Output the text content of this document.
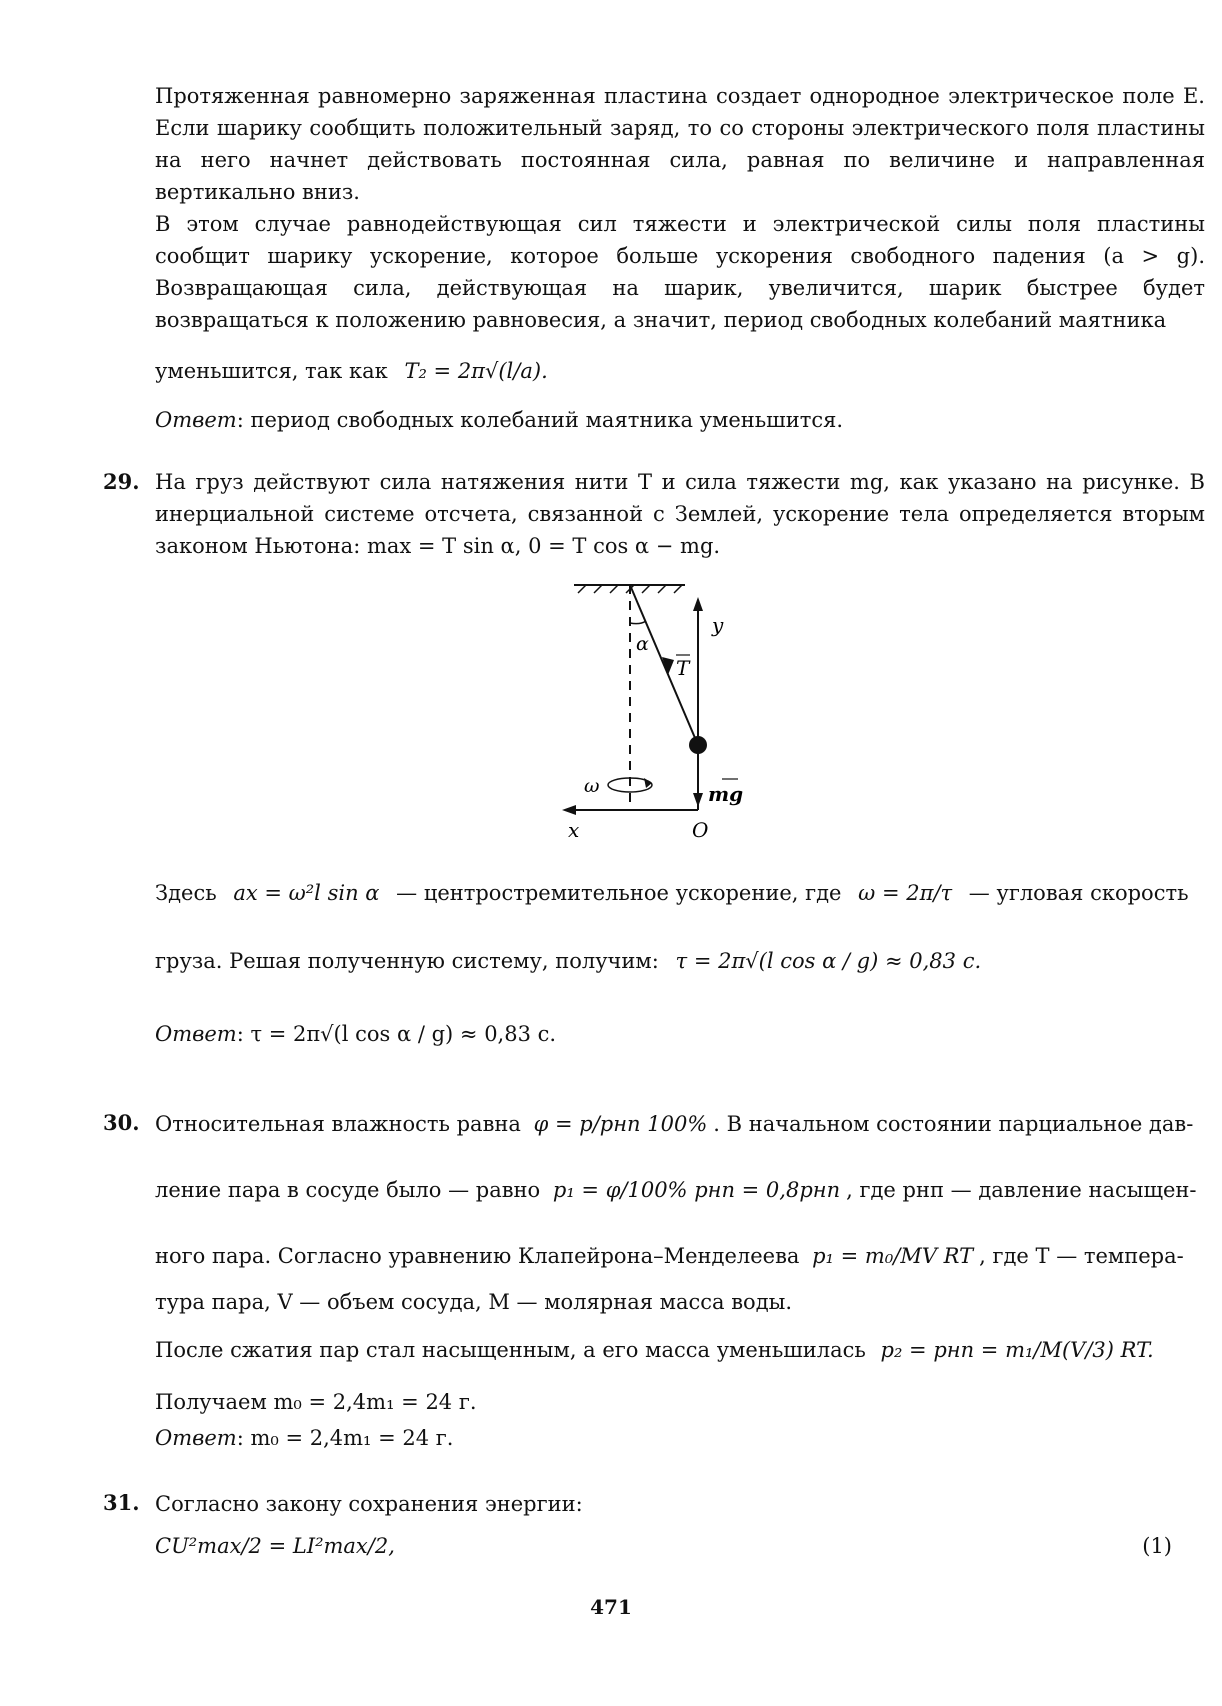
Протяженная равномерно заряженная пластина создает однородное электрическое поле E. Если шарику сообщить положительный заряд, то со стороны электрического поля пластины на него начнет действовать постоянная сила, равная по величине и направленная вертикально вниз.

В этом случае равнодействующая сил тяжести и электрической силы поля пластины сообщит шарику ускорение, которое больше ускорения свободного падения (a > g). Возвращающая сила, действующая на шарик, увеличится, шарик быстрее будет возвращаться к положению равновесия, а значит, период свободных колебаний маятника

уменьшится, так как T₂ = 2π√(l/a).
Ответ: период свободных колебаний маятника уменьшится.
29. На груз действуют сила натяжения нити T и сила тяжести mg, как указано на рисунке. В инерциальной системе отсчета, связанной с Землей, ускорение тела определяется вторым законом Ньютона: max = T sin α, 0 = T cos α − mg.

α
T
y
x	O
ω	mg
Здесь ax = ω²l sin α — центростремительное ускорение, где ω = 2π/τ — угловая скорость
груза. Решая полученную систему, получим: τ = 2π√(l cos α / g) ≈ 0,83 с.
Ответ: τ = 2π√(l cos α / g) ≈ 0,83 с.
30. Относительная влажность равна φ = p/pнп 100% . В начальном состоянии парциальное дав-
ление пара в сосуде было — равно p₁ = φ/100% pнп = 0,8pнп , где pнп — давление насыщен-
ного пара. Согласно уравнению Клапейрона–Менделеева p₁ = m₀/MV RT , где T — темпера-
тура пара, V — объем сосуда, M — молярная масса воды.
После сжатия пар стал насыщенным, а его масса уменьшилась p₂ = pнп = m₁/M(V/3) RT.
Получаем m₀ = 2,4m₁ = 24 г.
Ответ: m₀ = 2,4m₁ = 24 г.
31. Согласно закону сохранения энергии:
CU²max/2 = LI²max/2,	(1)
471
